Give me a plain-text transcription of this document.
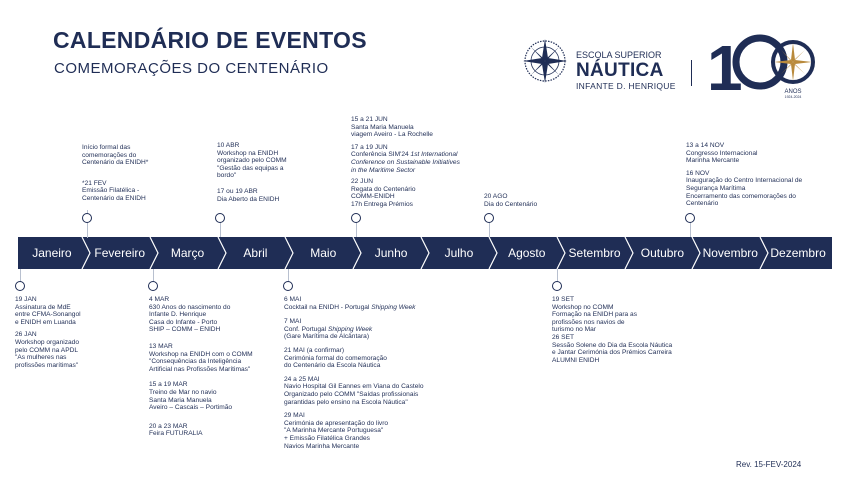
CALENDÁRIO DE EVENTOS
COMEMORAÇÕES DO CENTENÁRIO
ESCOLA SUPERIOR
NÁUTICA
INFANTE D. HENRIQUE 1	ANOS
1924-2024
Janeiro	Fevereiro	Março	Abril	Maio	Junho	Julho	Agosto	Setembro	Outubro	Novembro	Dezembro
Início formal das
comemorações do
Centenário da ENIDH*
*21 FEV
Emissão Filatélica -
Centenário da ENIDH
10 ABR
Workshop na ENIDH
organizado pelo COMM
"Gestão das equipas a
bordo"
17 ou 19 ABR
Dia Aberto da ENIDH
15 a 21 JUN
Santa Maria Manuela
viagem Aveiro - La Rochelle
17 a 19 JUN
Conferência SIM'24 1st International
Conference on Sustainable Initiatives
in the Maritime Sector
22 JUN
Regata do Centenário
COMM-ENIDH
17h Entrega Prémios
20 AGO
Dia do Centenário
13 a 14 NOV
Congresso Internacional
Marinha Mercante
16 NOV
Inauguração do Centro Internacional de
Segurança Marítima
Encerramento das comemorações do
Centenário
19 JAN
Assinatura de MdE
entre CFMA-Sonangol
e ENIDH em Luanda
26 JAN
Workshop organizado
pelo COMM na APDL
"As mulheres nas
profissões marítimas"
4 MAR
630 Anos do nascimento do
Infante D. Henrique
Casa do Infante - Porto
SHIP – COMM – ENIDH
13 MAR
Workshop na ENIDH com o COMM
"Consequências da Inteligência
Artificial nas Profissões Marítimas"
15 a 19 MAR
Treino de Mar no navio
Santa Maria Manuela
Aveiro – Cascais – Portimão
20 a 23 MAR
Feira FUTURALIA
6 MAI
Cocktail na ENIDH - Portugal Shipping Week
7 MAI
Conf. Portugal Shipping Week
(Gare Marítima de Alcântara)
21 MAI (a confirmar)
Cerimónia formal do comemoração
do Centenário da Escola Náutica
24 a 25 MAI
Navio Hospital Gil Eannes em Viana do Castelo
Organizado pelo COMM "Saídas profissionais
garantidas pelo ensino na Escola Náutica"
29 MAI
Cerimónia de apresentação do livro
"A Marinha Mercante Portuguesa"
+ Emissão Filatélica Grandes
Navios Marinha Mercante
19 SET
Workshop no COMM
Formação na ENIDH para as
profissões nos navios de
turismo no Mar
26 SET
Sessão Solene do Dia da Escola Náutica
e Jantar Cerimónia dos Prémios Carreira
ALUMNI ENIDH
Rev. 15-FEV-2024
